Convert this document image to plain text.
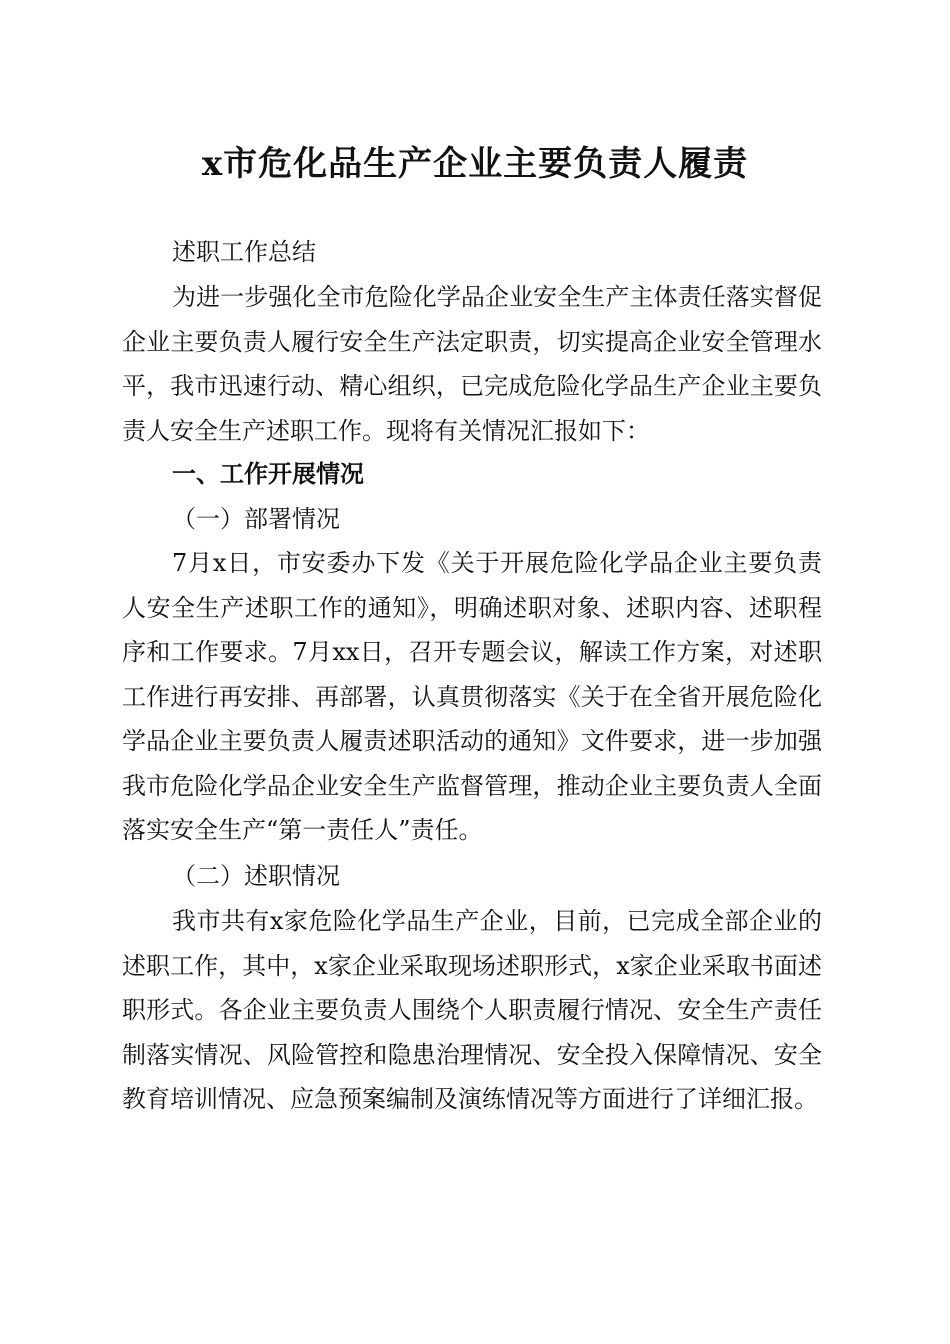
x市危化品生产企业主要负责人履责

述职工作总结

为进一步强化全市危险化学品企业安全生产主体责任落实督促企业主要负责人履行安全生产法定职责，切实提高企业安全管理水平，我市迅速行动、精心组织，已完成危险化学品生产企业主要负责人安全生产述职工作。现将有关情况汇报如下：

一、工作开展情况

（一）部署情况

7月x日，市安委办下发《关于开展危险化学品企业主要负责人安全生产述职工作的通知》，明确述职对象、述职内容、述职程序和工作要求。7月xx日，召开专题会议，解读工作方案，对述职工作进行再安排、再部署，认真贯彻落实《关于在全省开展危险化学品企业主要负责人履责述职活动的通知》文件要求，进一步加强我市危险化学品企业安全生产监督管理，推动企业主要负责人全面落实安全生产“第一责任人”责任。

（二）述职情况

我市共有x家危险化学品生产企业，目前，已完成全部企业的述职工作，其中，x家企业采取现场述职形式，x家企业采取书面述职形式。各企业主要负责人围绕个人职责履行情况、安全生产责任制落实情况、风险管控和隐患治理情况、安全投入保障情况、安全教育培训情况、应急预案编制及演练情况等方面进行了详细汇报。
